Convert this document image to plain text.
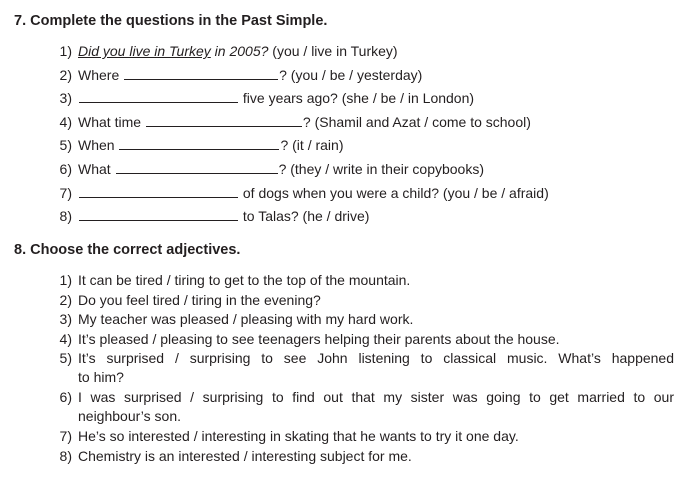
7. Complete the questions in the Past Simple.
1) Did you live in Turkey in 2005? (you / live in Turkey)
2) Where	? (you / be / yesterday)
3)	five years ago? (she / be / in London)
4) What time	? (Shamil and Azat / come to school)
5) When	? (it / rain)
6) What	? (they / write in their copybooks)
7)	of dogs when you were a child? (you / be / afraid)
8)	to Talas? (he / drive)
8. Choose the correct adjectives.
1) It can be tired / tiring to get to the top of the mountain.
2) Do you feel tired / tiring in the evening?
3) My teacher was pleased / pleasing with my hard work.
4) It’s pleased / pleasing to see teenagers helping their parents about the house.
5) It’s surprised / surprising to see John listening to classical music. What’s happened
to him?
6) I was surprised / surprising to find out that my sister was going to get married to our
neighbour’s son.
7) He’s so interested / interesting in skating that he wants to try it one day.
8) Chemistry is an interested / interesting subject for me.
